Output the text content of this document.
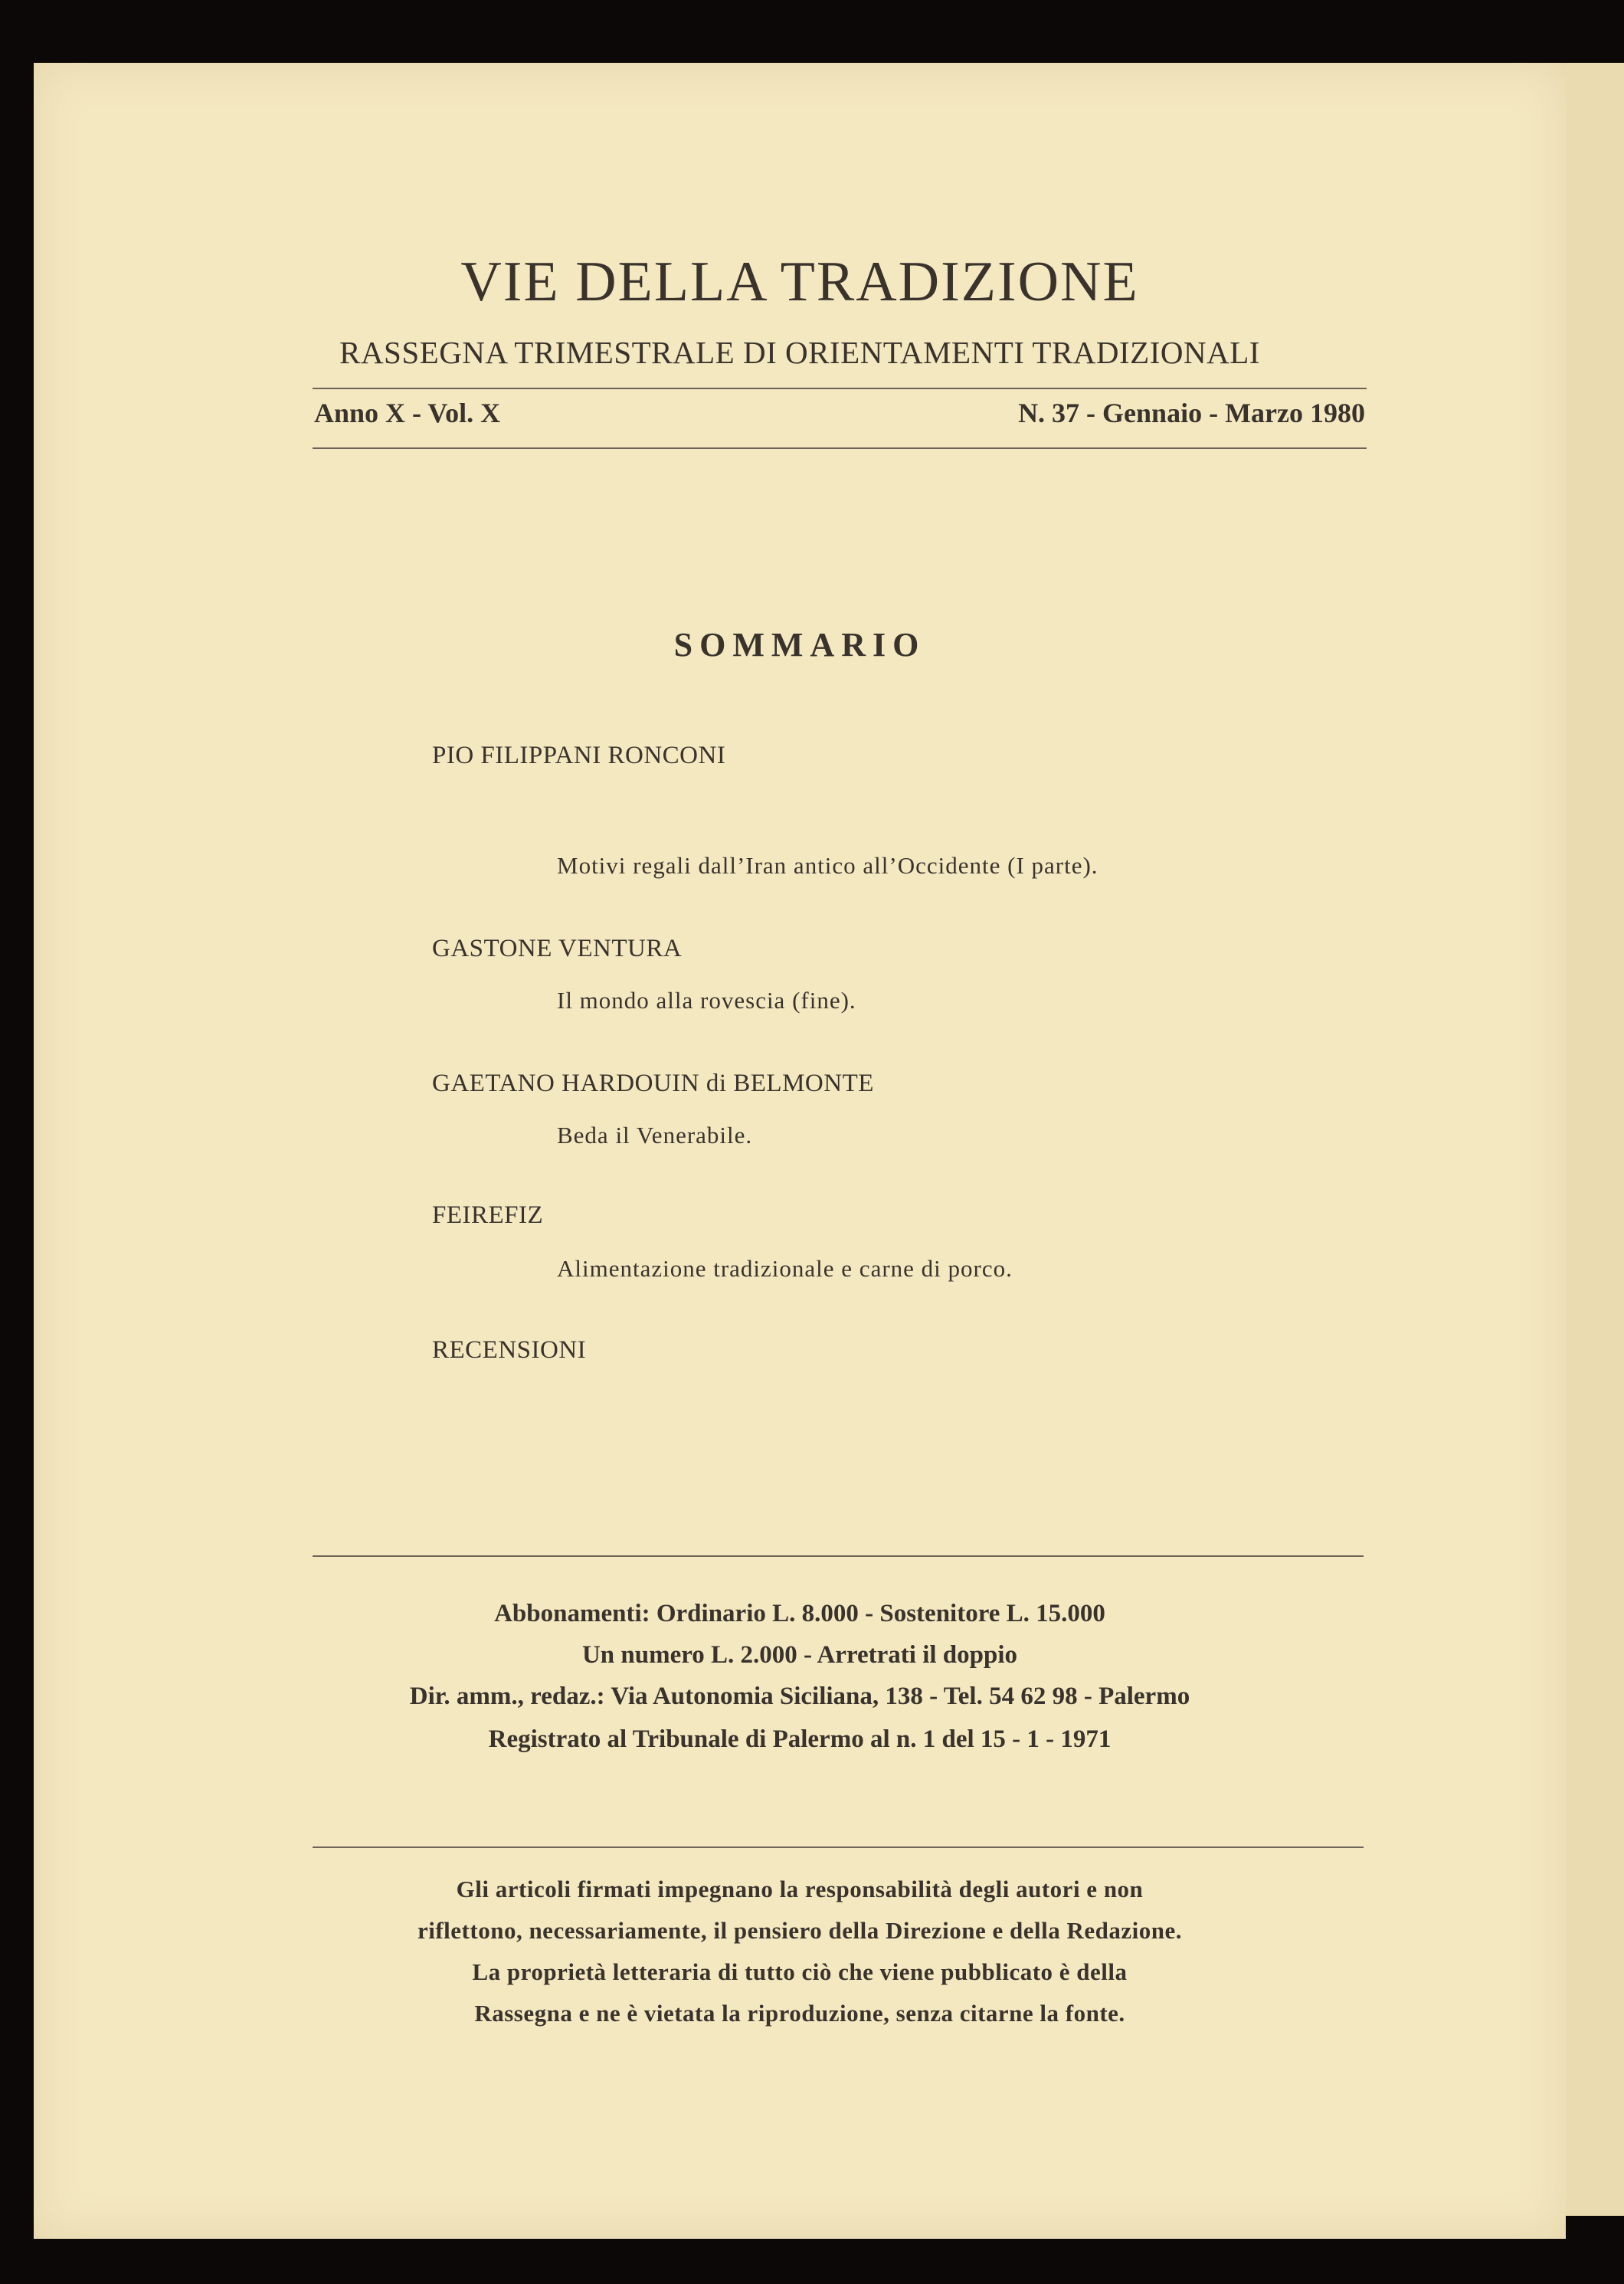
VIE DELLA TRADIZIONE
RASSEGNA TRIMESTRALE DI ORIENTAMENTI TRADIZIONALI
Anno X - Vol. X	N. 37 - Gennaio - Marzo 1980
SOMMARIO
PIO FILIPPANI RONCONI
Motivi regali dall’Iran antico all’Occidente (I parte).
GASTONE VENTURA
Il mondo alla rovescia (fine).
GAETANO HARDOUIN di BELMONTE
Beda il Venerabile.
FEIREFIZ
Alimentazione tradizionale e carne di porco.
RECENSIONI
Abbonamenti: Ordinario L. 8.000 - Sostenitore L. 15.000
Un numero L. 2.000 - Arretrati il doppio
Dir. amm., redaz.: Via Autonomia Siciliana, 138 - Tel. 54 62 98 - Palermo
Registrato al Tribunale di Palermo al n. 1 del 15 - 1 - 1971
Gli articoli firmati impegnano la responsabilità degli autori e non
riflettono, necessariamente, il pensiero della Direzione e della Redazione.
La proprietà letteraria di tutto ciò che viene pubblicato è della
Rassegna e ne è vietata la riproduzione, senza citarne la fonte.
